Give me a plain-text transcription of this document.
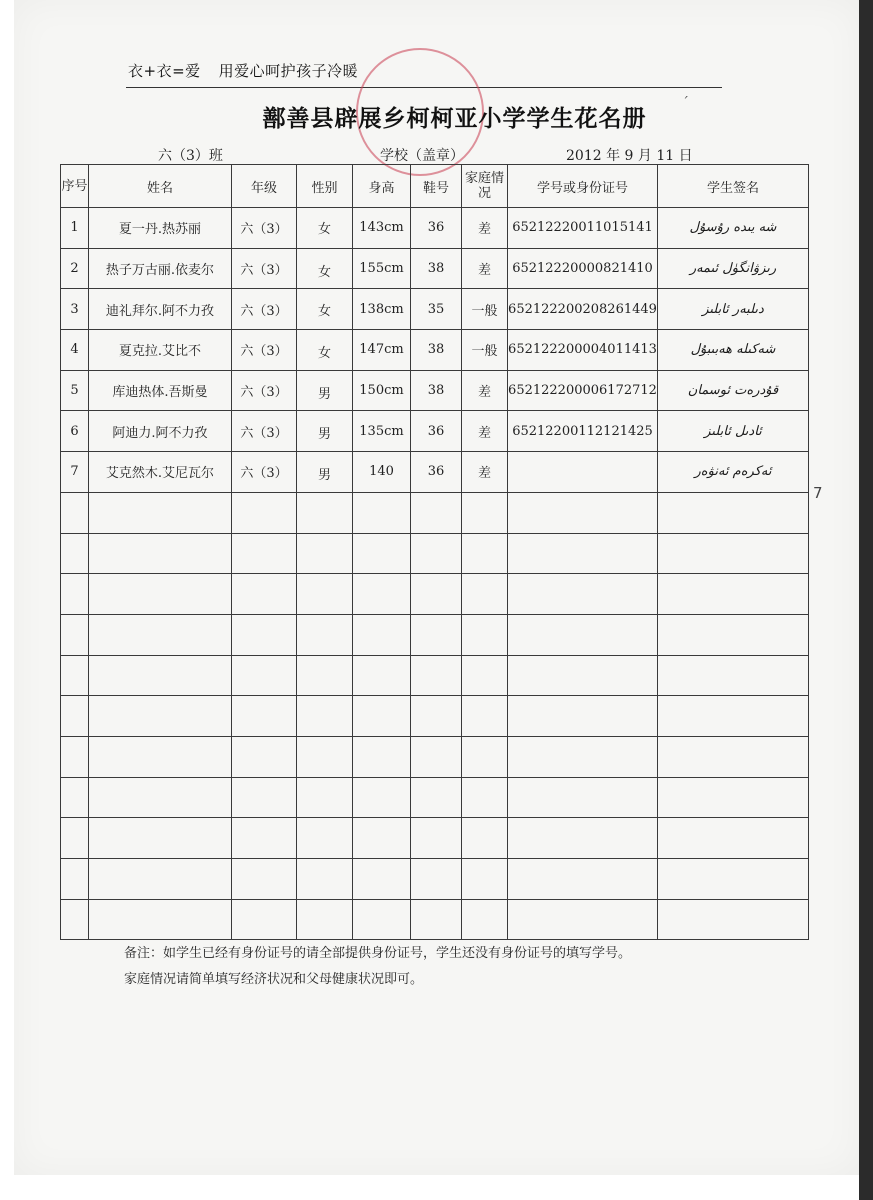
衣+衣=爱 用爱心呵护孩子冷暖
鄯善县辟展乡柯柯亚小学学生花名册
ˊ
六（3）班	学校（盖章）	2012 年 9 月 11 日
序号	姓名	年级	性别	身高	鞋号	家庭情况	学号或身份证号	学生签名
1	夏一丹.热苏丽	六（3）	女	143cm	36	差	65212220011015141	شه يىده رۇسۇل
2	热子万古丽.依麦尔	六（3）	女	155cm	38	差	65212220000821410	رىزۋانگۈل ئىمەر
3	迪礼拜尔.阿不力孜	六（3）	女	138cm	35	一般	652122200208261449	دىلبەر ئابلىز
4	夏克拉.艾比不	六（3）	女	147cm	38	一般	652122200004011413	شەكىلە ھەبىبۇل
5	库迪热体.吾斯曼	六（3）	男	150cm	38	差	652122200006172712	قۇدرەت ئوسمان
6	阿迪力.阿不力孜	六（3）	男	135cm	36	差	65212200112121425	ئادىل ئابلىز
7	艾克然木.艾尼瓦尔	六（3）	男	140	36	差		ئەكرەم ئەنۋەر

7
备注：如学生已经有身份证号的请全部提供身份证号，学生还没有身份证号的填写学号。
家庭情况请简单填写经济状况和父母健康状况即可。
